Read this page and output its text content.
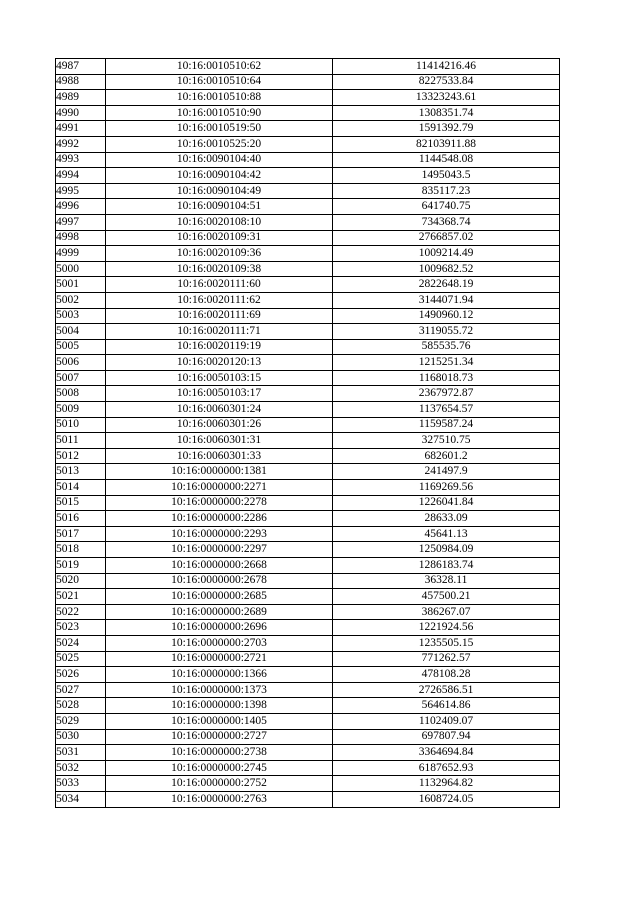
4987	10:16:0010510:62	11414216.46
4988	10:16:0010510:64	8227533.84
4989	10:16:0010510:88	13323243.61
4990	10:16:0010510:90	1308351.74
4991	10:16:0010519:50	1591392.79
4992	10:16:0010525:20	82103911.88
4993	10:16:0090104:40	1144548.08
4994	10:16:0090104:42	1495043.5
4995	10:16:0090104:49	835117.23
4996	10:16:0090104:51	641740.75
4997	10:16:0020108:10	734368.74
4998	10:16:0020109:31	2766857.02
4999	10:16:0020109:36	1009214.49
5000	10:16:0020109:38	1009682.52
5001	10:16:0020111:60	2822648.19
5002	10:16:0020111:62	3144071.94
5003	10:16:0020111:69	1490960.12
5004	10:16:0020111:71	3119055.72
5005	10:16:0020119:19	585535.76
5006	10:16:0020120:13	1215251.34
5007	10:16:0050103:15	1168018.73
5008	10:16:0050103:17	2367972.87
5009	10:16:0060301:24	1137654.57
5010	10:16:0060301:26	1159587.24
5011	10:16:0060301:31	327510.75
5012	10:16:0060301:33	682601.2
5013	10:16:0000000:1381	241497.9
5014	10:16:0000000:2271	1169269.56
5015	10:16:0000000:2278	1226041.84
5016	10:16:0000000:2286	28633.09
5017	10:16:0000000:2293	45641.13
5018	10:16:0000000:2297	1250984.09
5019	10:16:0000000:2668	1286183.74
5020	10:16:0000000:2678	36328.11
5021	10:16:0000000:2685	457500.21
5022	10:16:0000000:2689	386267.07
5023	10:16:0000000:2696	1221924.56
5024	10:16:0000000:2703	1235505.15
5025	10:16:0000000:2721	771262.57
5026	10:16:0000000:1366	478108.28
5027	10:16:0000000:1373	2726586.51
5028	10:16:0000000:1398	564614.86
5029	10:16:0000000:1405	1102409.07
5030	10:16:0000000:2727	697807.94
5031	10:16:0000000:2738	3364694.84
5032	10:16:0000000:2745	6187652.93
5033	10:16:0000000:2752	1132964.82
5034	10:16:0000000:2763	1608724.05
